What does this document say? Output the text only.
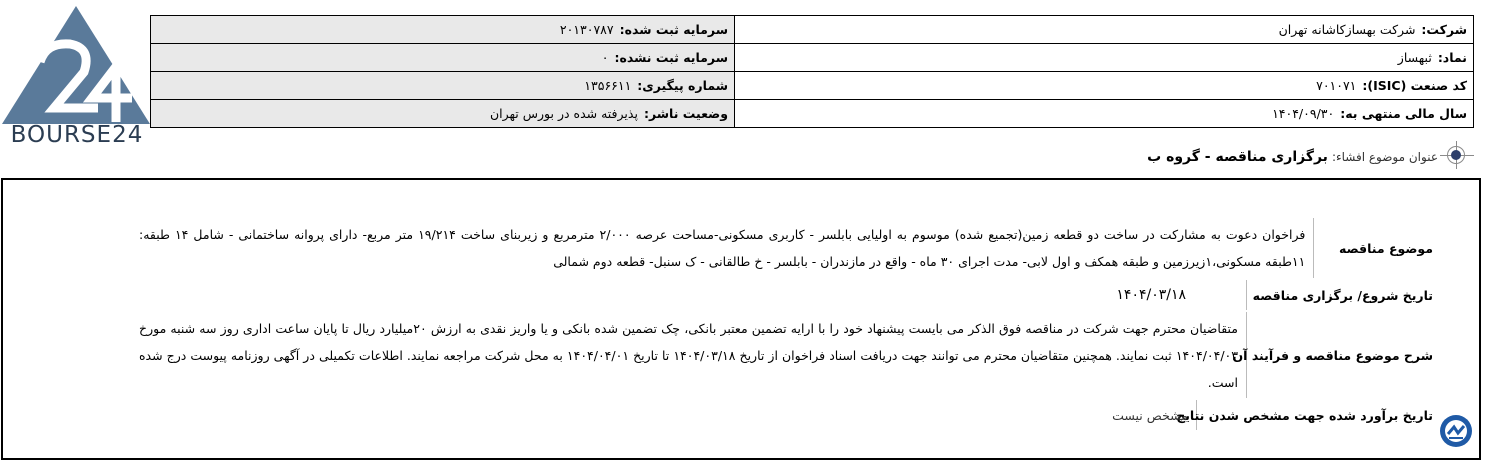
BOURSE24
شرکت:شرکت بهسازکاشانه تهران	سرمایه ثبت شده:۲۰۱۳۰۷۸۷
نماد:ثبهساز	سرمایه ثبت نشده:۰
کد صنعت (ISIC):۷۰۱۰۷۱	شماره پیگیری:۱۳۵۶۶۱۱
سال مالی منتهی به:۱۴۰۴/۰۹/۳۰	وضعیت ناشر:پذیرفته شده در بورس تهران
عنوان موضوع افشاء:
برگزاری مناقصه - گروه ب
موضوع مناقصه
فراخوان دعوت به مشارکت در ساخت دو قطعه زمین(تجمیع شده) موسوم به اولیایی بابلسر - کاربری مسکونی-مساحت عرصه ۲/۰۰۰ مترمربع و زیربنای ساخت ۱۹/۲۱۴ متر مربع- دارای پروانه ساختمانی - شامل ۱۴ طبقه: ۱۱طبقه مسکونی،۱زیرزمین و طبقه همکف و اول لابی- مدت اجرای ۳۰ ماه - واقع در مازندران - بابلسر - خ طالقانی - ک سنبل- قطعه دوم شمالی
تاریخ شروع/ برگزاری مناقصه
۱۴۰۴/۰۳/۱۸
شرح موضوع مناقصه و فرآیند آن
متقاضیان محترم جهت شرکت در مناقصه فوق الذکر می بایست پیشنهاد خود را با ارایه تضمین معتبر بانکی، چک تضمین شده بانکی و یا واریز نقدی به ارزش ۲۰میلیارد ریال تا پایان ساعت اداری روز سه شنبه مورخ ۱۴۰۴/۰۴/۰۳ ثبت نمایند. همچنین متقاضیان محترم می توانند جهت دریافت اسناد فراخوان از تاریخ ۱۴۰۴/۰۳/۱۸ تا تاریخ ۱۴۰۴/۰۴/۰۱ به محل شرکت مراجعه نمایند. اطلاعات تکمیلی در آگهی روزنامه پیوست درج شده است.
تاریخ برآورد شده جهت مشخص شدن نتایج
مشخص نیست
